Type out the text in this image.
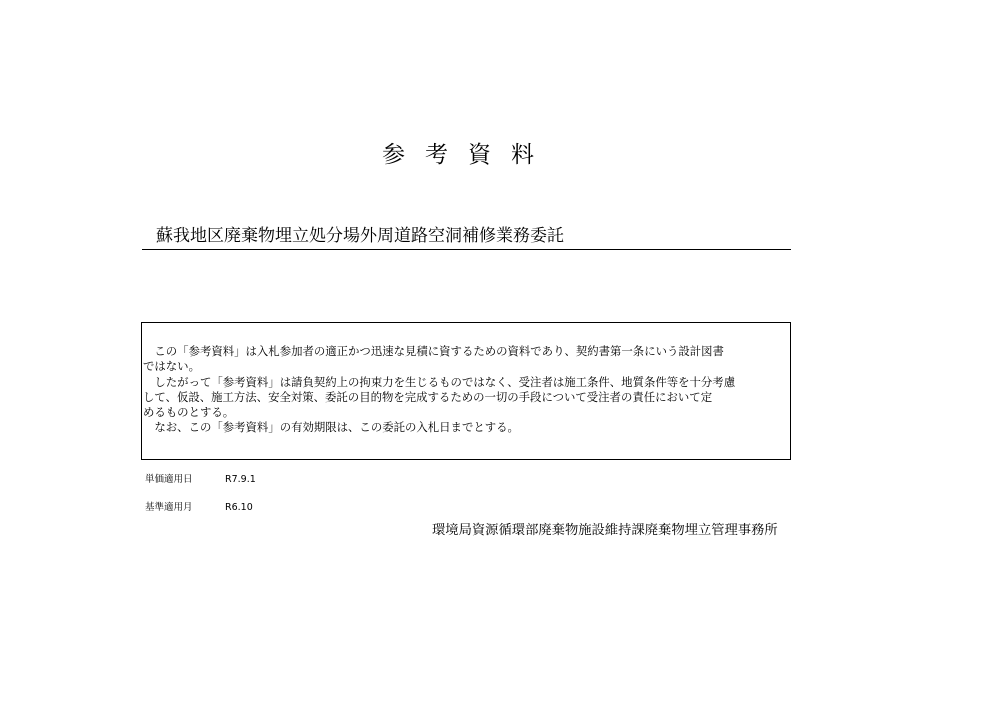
参考資料
蘇我地区廃棄物埋立処分場外周道路空洞補修業務委託
　この「参考資料」は入札参加者の適正かつ迅速な見積に資するための資料であり、契約書第一条にいう設計図書
ではない。
　したがって「参考資料」は請負契約上の拘束力を生じるものではなく、受注者は施工条件、地質条件等を十分考慮
して、仮設、施工方法、安全対策、委託の目的物を完成するための一切の手段について受注者の責任において定
めるものとする。
　なお、この「参考資料」の有効期限は、この委託の入札日までとする。
単価適用日	R7.9.1
基準適用月	R6.10
環境局資源循環部廃棄物施設維持課廃棄物埋立管理事務所
